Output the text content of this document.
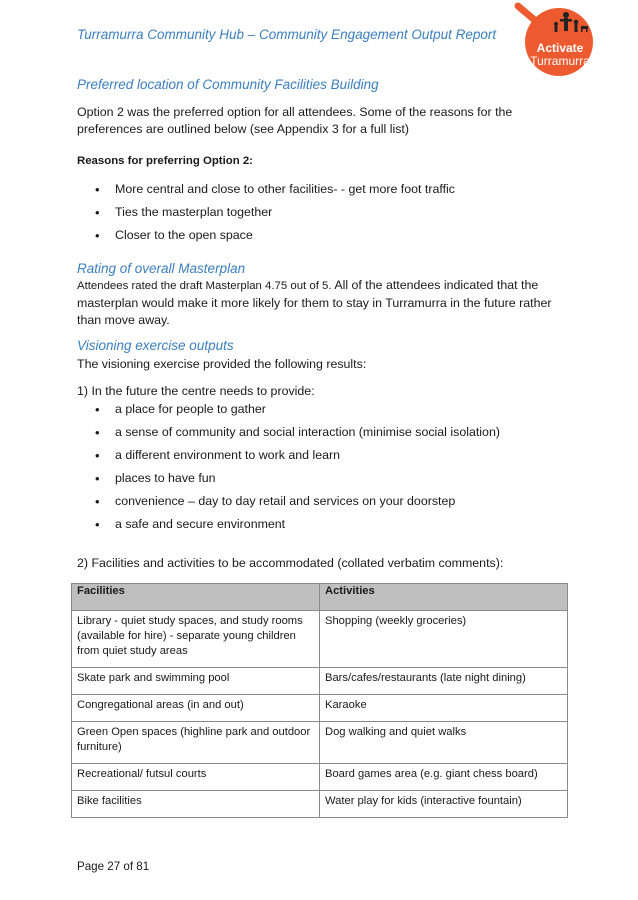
Turramurra Community Hub – Community Engagement Output Report
Activate
Turramurra
Preferred location of Community Facilities Building
Option 2 was the preferred option for all attendees. Some of the reasons for the preferences are outlined below (see Appendix 3 for a full list)
Reasons for preferring Option 2:
• More central and close to other facilities- - get more foot traffic
• Ties the masterplan together
• Closer to the open space
Rating of overall Masterplan
Attendees rated the draft Masterplan 4.75 out of 5. All of the attendees indicated that the masterplan would make it more likely for them to stay in Turramurra in the future rather than move away.
Visioning exercise outputs
The visioning exercise provided the following results:
1) In the future the centre needs to provide:
• a place for people to gather
• a sense of community and social interaction (minimise social isolation)
• a different environment to work and learn
• places to have fun
• convenience – day to day retail and services on your doorstep
• a safe and secure environment
2) Facilities and activities to be accommodated (collated verbatim comments):
Facilities	Activities
Library - quiet study spaces, and study rooms (available for hire) - separate young children from quiet study areas	Shopping (weekly groceries)
Skate park and swimming pool	Bars/cafes/restaurants (late night dining)
Congregational areas (in and out)	Karaoke
Green Open spaces (highline park and outdoor furniture)	Dog walking and quiet walks
Recreational/ futsul courts	Board games area (e.g. giant chess board)
Bike facilities	Water play for kids (interactive fountain)
Page 27 of 81
